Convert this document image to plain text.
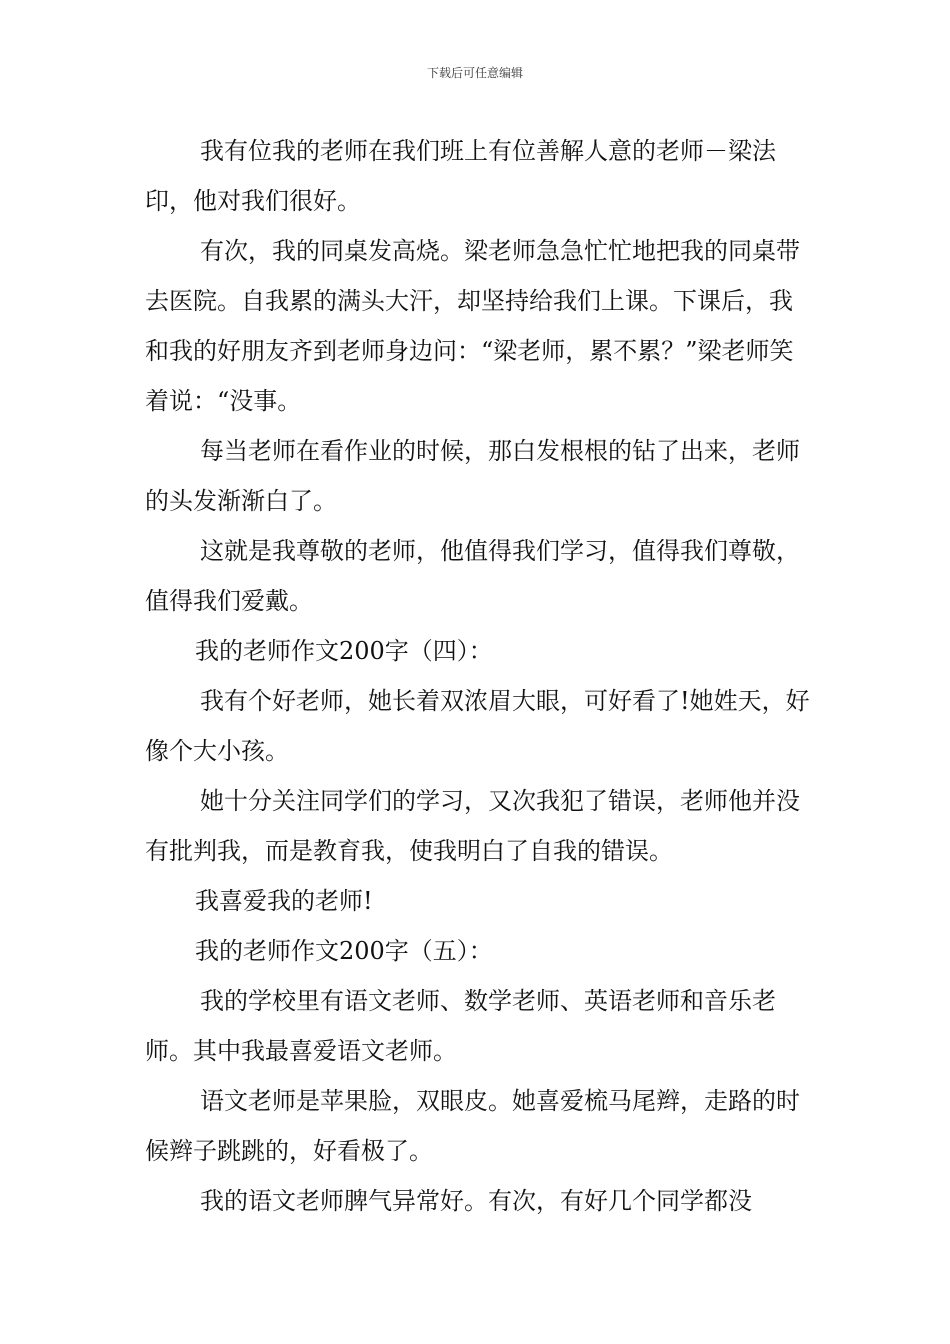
下载后可任意编辑

我有位我的老师在我们班上有位善解人意的老师－梁法印，他对我们很好。

有次，我的同桌发高烧。梁老师急急忙忙地把我的同桌带去医院。自我累的满头大汗，却坚持给我们上课。下课后，我和我的好朋友齐到老师身边问：“梁老师，累不累？”梁老师笑着说：“没事。

每当老师在看作业的时候，那白发根根的钻了出来，老师的头发渐渐白了。

这就是我尊敬的老师，他值得我们学习，值得我们尊敬，值得我们爱戴。

我的老师作文200字（四）：

我有个好老师，她长着双浓眉大眼，可好看了!她姓天，好像个大小孩。

她十分关注同学们的学习，又次我犯了错误，老师他并没有批判我，而是教育我，使我明白了自我的错误。

我喜爱我的老师!

我的老师作文200字（五）：

我的学校里有语文老师、数学老师、英语老师和音乐老师。其中我最喜爱语文老师。

语文老师是苹果脸，双眼皮。她喜爱梳马尾辫，走路的时候辫子跳跳的，好看极了。

我的语文老师脾气异常好。有次，有好几个同学都没
